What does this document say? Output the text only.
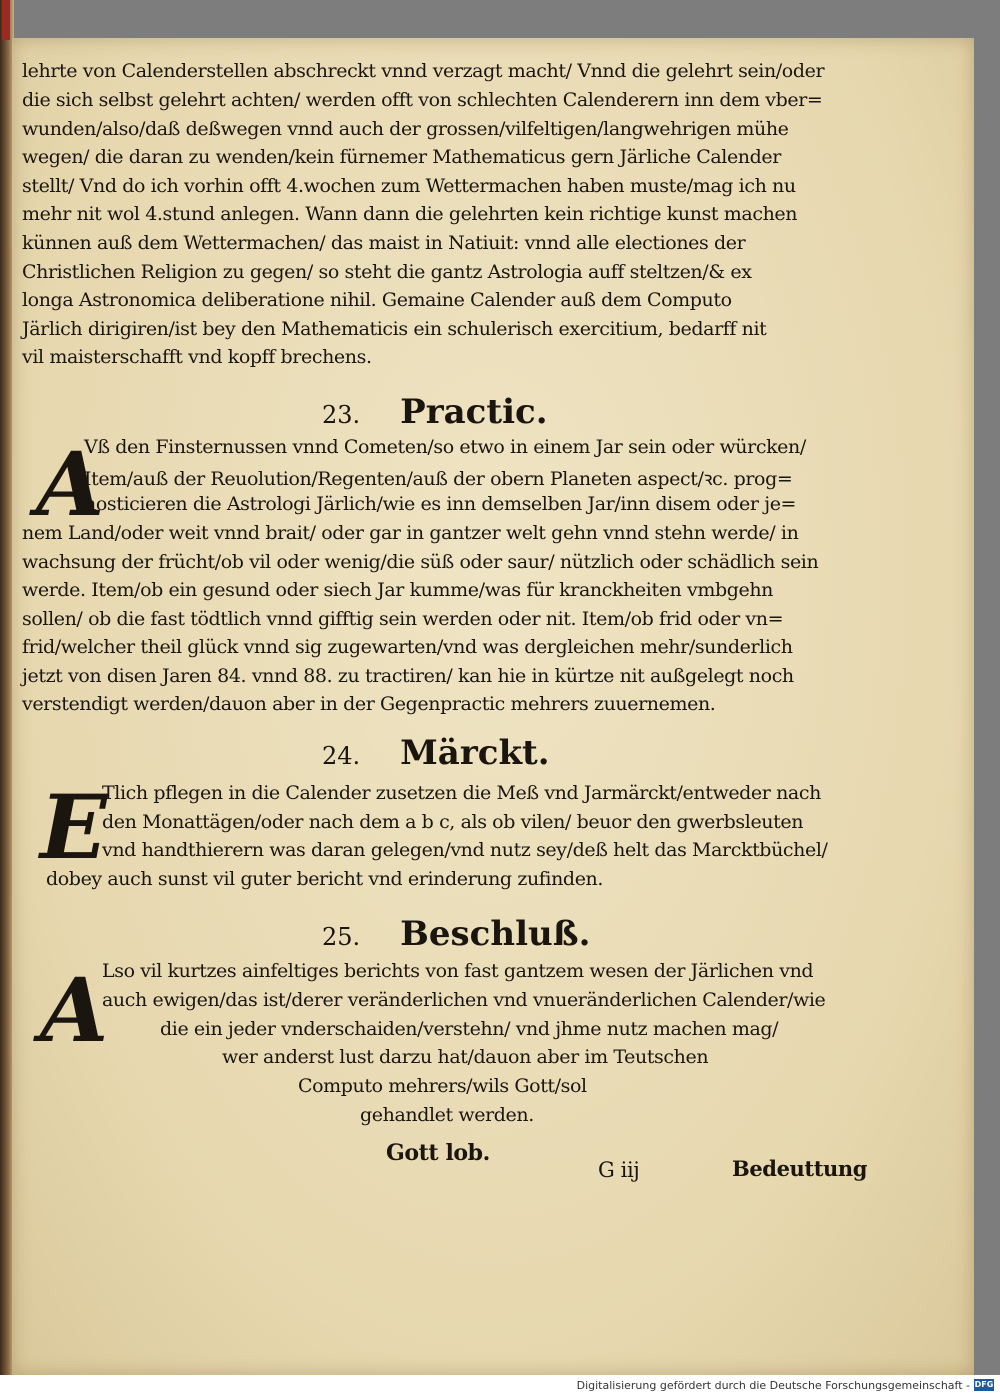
lehrte von Calenderstellen abschreckt vnnd verzagt macht/ Vnnd die gelehrt sein/oder
die sich selbst gelehrt achten/ werden offt von schlechten Calenderern inn dem vber=
wunden/also/daß deßwegen vnnd auch der grossen/vilfeltigen/langwehrigen mühe
wegen/ die daran zu wenden/kein fürnemer Mathematicus gern Järliche Calender
stellt/ Vnd do ich vorhin offt 4.wochen zum Wettermachen haben muste/mag ich nu
mehr nit wol 4.stund anlegen. Wann dann die gelehrten kein richtige kunst machen
künnen auß dem Wettermachen/ das maist in Natiuit: vnnd alle electiones der
Christlichen Religion zu gegen/ so steht die gantz Astrologia auff steltzen/& ex
longa Astronomica deliberatione nihil. Gemaine Calender auß dem Computo
Järlich dirigiren/ist bey den Mathematicis ein schulerisch exercitium, bedarff nit
vil maisterschafft vnd kopff brechens.
23. Practic.
A
Vß den Finsternussen vnnd Cometen/so etwo in einem Jar sein oder würcken/
Item/auß der Reuolution/Regenten/auß der obern Planeten aspect/ꝛc. prog=
nosticieren die Astrologi Järlich/wie es inn demselben Jar/inn disem oder je=
nem Land/oder weit vnnd brait/ oder gar in gantzer welt gehn vnnd stehn werde/ in
wachsung der frücht/ob vil oder wenig/die süß oder saur/ nützlich oder schädlich sein
werde. Item/ob ein gesund oder siech Jar kumme/was für kranckheiten vmbgehn
sollen/ ob die fast tödtlich vnnd gifftig sein werden oder nit. Item/ob frid oder vn=
frid/welcher theil glück vnnd sig zugewarten/vnd was dergleichen mehr/sunderlich
jetzt von disen Jaren 84. vnnd 88. zu tractiren/ kan hie in kürtze nit außgelegt noch
verstendigt werden/dauon aber in der Gegenpractic mehrers zuuernemen.
24. Märckt.
E
Tlich pflegen in die Calender zusetzen die Meß vnd Jarmärckt/entweder nach
den Monattägen/oder nach dem a b c, als ob vilen/ beuor den gwerbsleuten
vnd handthierern was daran gelegen/vnd nutz sey/deß helt das Marcktbüchel/
dobey auch sunst vil guter bericht vnd erinderung zufinden.
25. Beschluß.
A
Lso vil kurtzes ainfeltiges berichts von fast gantzem wesen der Järlichen vnd
auch ewigen/das ist/derer veränderlichen vnd vnueränderlichen Calender/wie
die ein jeder vnderschaiden/verstehn/ vnd jhme nutz machen mag/
wer anderst lust darzu hat/dauon aber im Teutschen
Computo mehrers/wils Gott/sol
gehandlet werden.
Gott lob.
G iij	Bedeuttung
Digitalisierung gefördert durch die Deutsche Forschungsgemeinschaft - DFG
